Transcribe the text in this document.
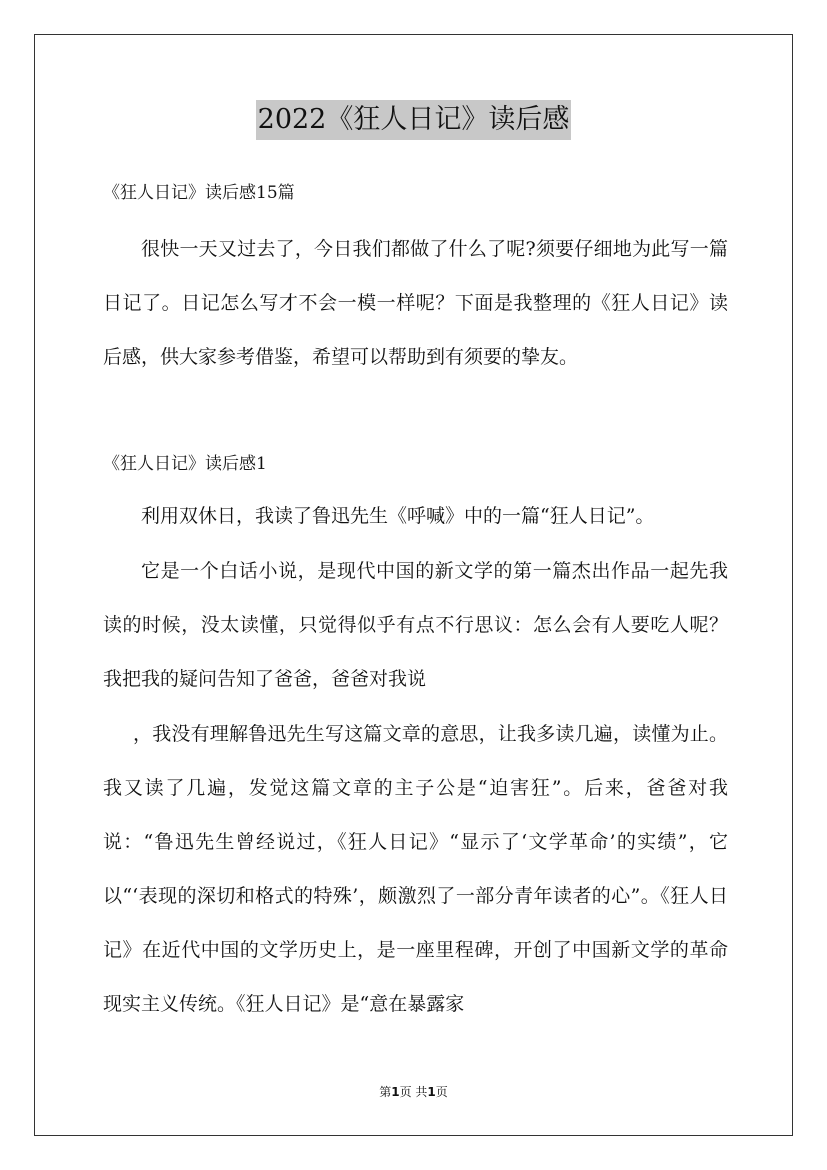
2022《狂人日记》读后感
《狂人日记》读后感15篇
很快一天又过去了，今日我们都做了什么了呢?须要仔细地为此写一篇日记了。日记怎么写才不会一模一样呢？下面是我整理的《狂人日记》读后感，供大家参考借鉴，希望可以帮助到有须要的挚友。
《狂人日记》读后感1
利用双休日，我读了鲁迅先生《呼喊》中的一篇“狂人日记”。
它是一个白话小说，是现代中国的新文学的第一篇杰出作品一起先我读的时候，没太读懂，只觉得似乎有点不行思议：怎么会有人要吃人呢？我把我的疑问告知了爸爸，爸爸对我说
，我没有理解鲁迅先生写这篇文章的意思，让我多读几遍，读懂为止。我又读了几遍，发觉这篇文章的主子公是“迫害狂”。后来，爸爸对我说：“鲁迅先生曾经说过，《狂人日记》“显示了‘文学革命’的实绩”，它以“‘表现的深切和格式的特殊’，颇激烈了一部分青年读者的心”。《狂人日记》在近代中国的文学历史上，是一座里程碑，开创了中国新文学的革命现实主义传统。《狂人日记》是“意在暴露家
第1页 共1页
